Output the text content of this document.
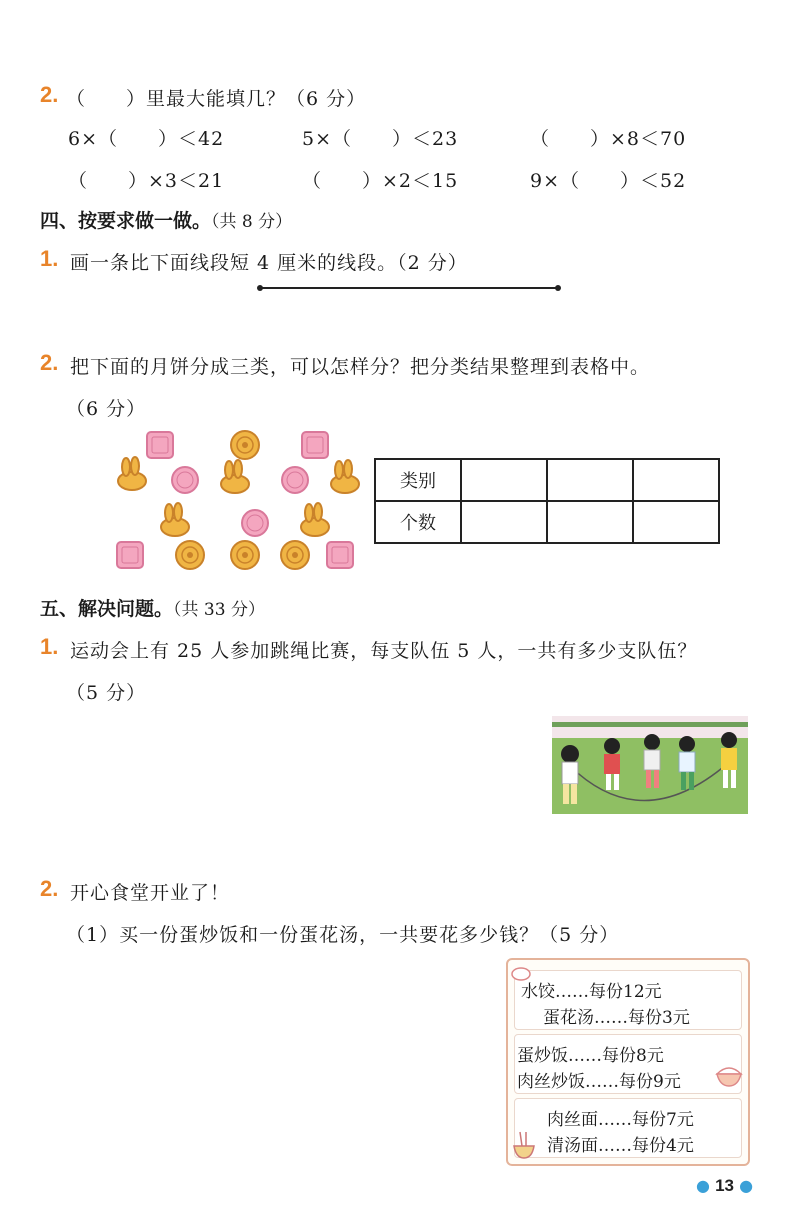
2. （　　）里最大能填几？（6 分）
6×（　　）＜42	5×（　　）＜23	（　　）×8＜70
（　　）×3＜21	（　　）×2＜15	9×（　　）＜52
四、按要求做一做。（共 8 分）
1. 画一条比下面线段短 4 厘米的线段。（2 分）
2. 把下面的月饼分成三类，可以怎样分？把分类结果整理到表格中。
（6 分）
类别			
个数			
五、解决问题。（共 33 分）
1. 运动会上有 25 人参加跳绳比赛，每支队伍 5 人，一共有多少支队伍？
（5 分）
2. 开心食堂开业了！
（1）买一份蛋炒饭和一份蛋花汤，一共要花多少钱？（5 分）
水饺……每份12元
蛋花汤……每份3元
蛋炒饭……每份8元
肉丝炒饭……每份9元
肉丝面……每份7元
清汤面……每份4元
● 13 ●
